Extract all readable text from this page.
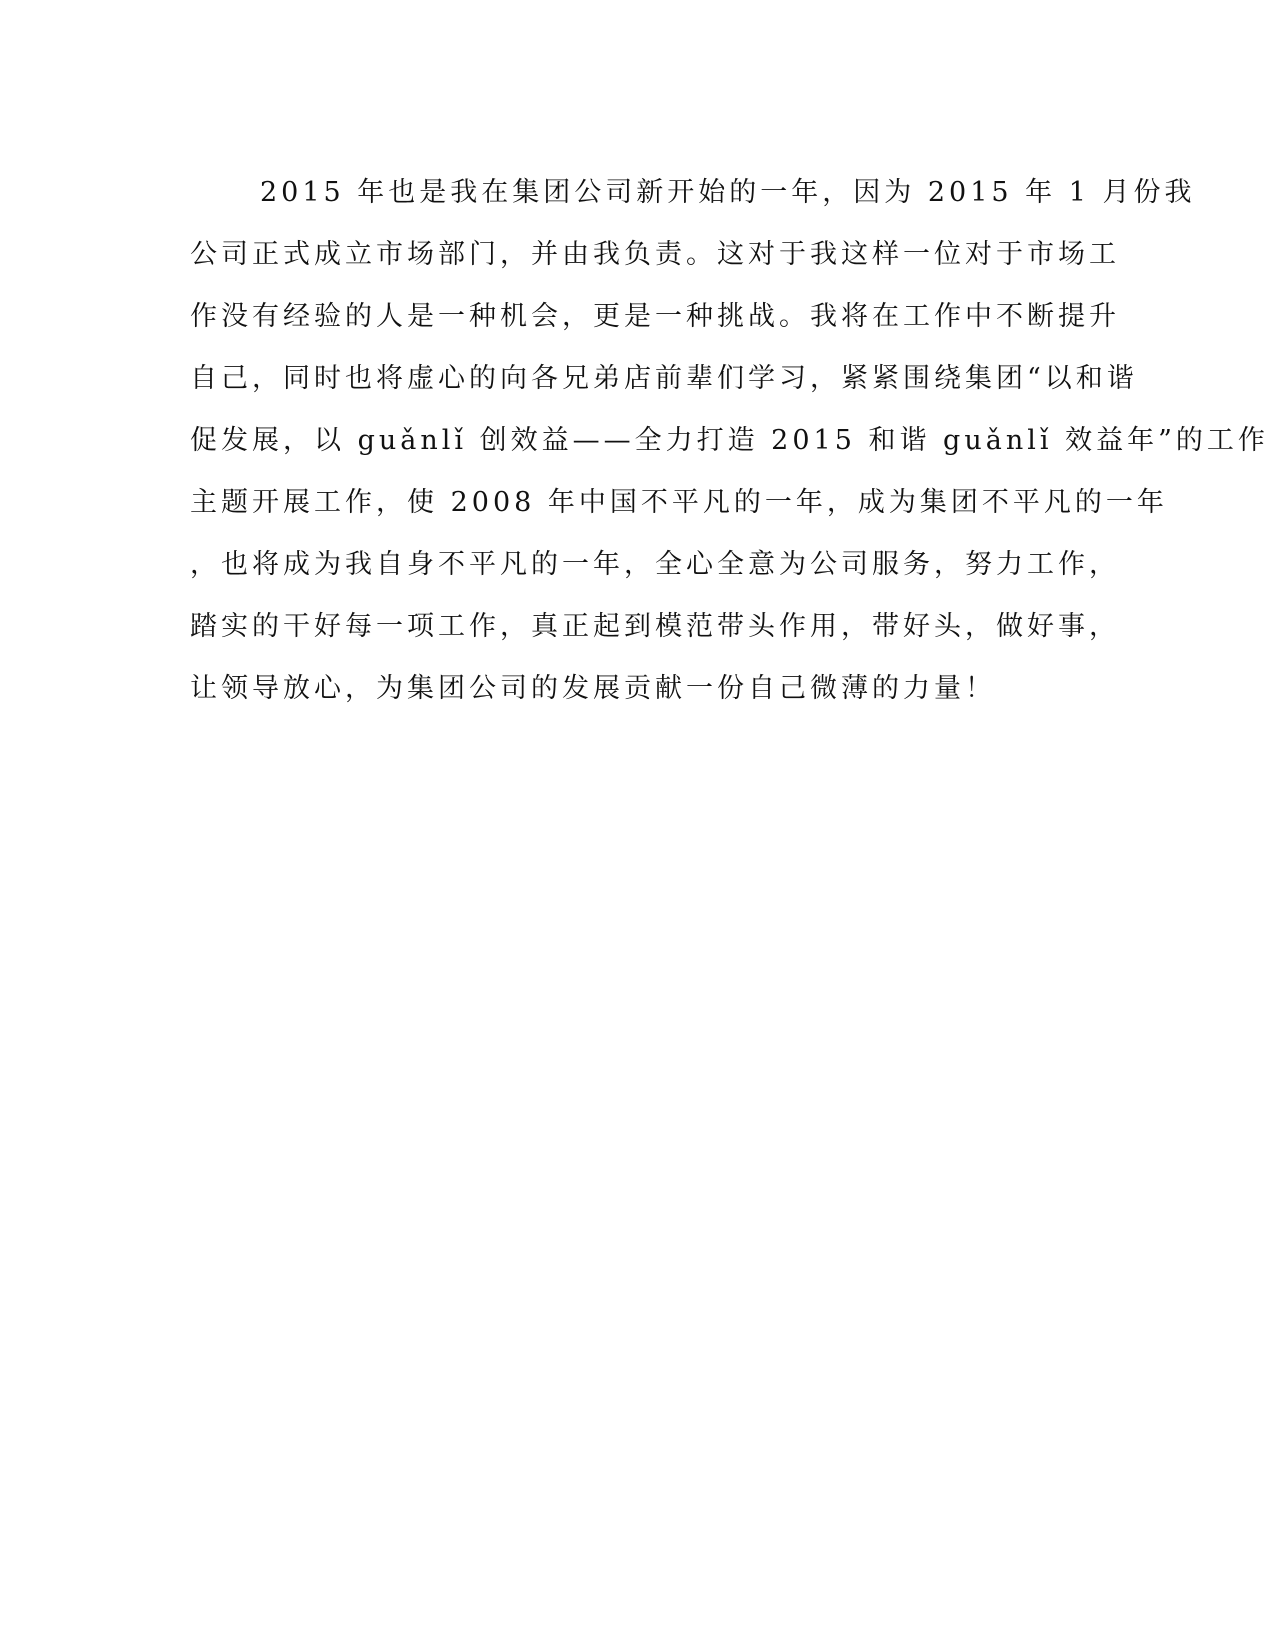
2015 年也是我在集团公司新开始的一年，因为 2015 年 1 月份我
公司正式成立市场部门，并由我负责。这对于我这样一位对于市场工
作没有经验的人是一种机会，更是一种挑战。我将在工作中不断提升
自己，同时也将虚心的向各兄弟店前辈们学习，紧紧围绕集团“以和谐
促发展，以 guǎnlǐ 创效益——全力打造 2015 和谐 guǎnlǐ 效益年”的工作
主题开展工作，使 2008 年中国不平凡的一年，成为集团不平凡的一年
，也将成为我自身不平凡的一年，全心全意为公司服务，努力工作，
踏实的干好每一项工作，真正起到模范带头作用，带好头，做好事，
让领导放心，为集团公司的发展贡献一份自己微薄的力量！
